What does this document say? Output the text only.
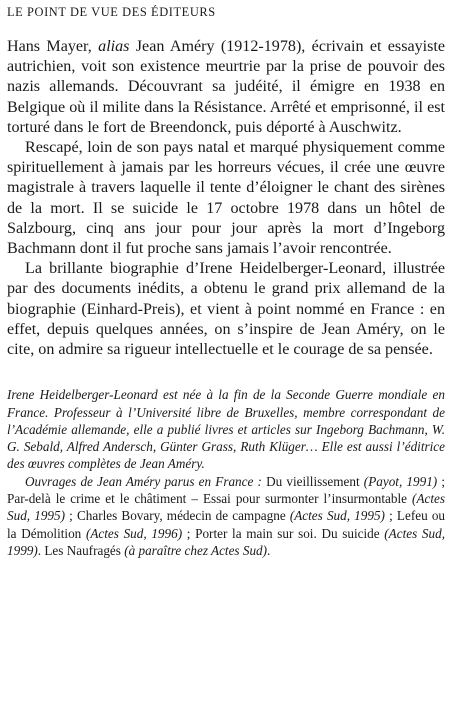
LE POINT DE VUE DES ÉDITEURS

Hans Mayer, alias Jean Améry (1912-1978), écrivain et essayiste autrichien, voit son existence meurtrie par la prise de pouvoir des nazis allemands. Découvrant sa judéité, il émigre en 1938 en Belgique où il milite dans la Résistance. Arrêté et emprisonné, il est torturé dans le fort de Breendonck, puis déporté à Auschwitz.

Rescapé, loin de son pays natal et marqué physiquement comme spirituellement à jamais par les horreurs vécues, il crée une œuvre magistrale à travers laquelle il tente d’éloigner le chant des sirènes de la mort. Il se suicide le 17 octobre 1978 dans un hôtel de Salzbourg, cinq ans jour pour jour après la mort d’Ingeborg Bachmann dont il fut proche sans jamais l’avoir rencontrée.

La brillante biographie d’Irene Heidelberger-Leonard, illustrée par des documents inédits, a obtenu le grand prix allemand de la biographie (Einhard-Preis), et vient à point nommé en France : en effet, depuis quelques années, on s’inspire de Jean Améry, on le cite, on admire sa rigueur intellectuelle et le courage de sa pensée.

Irene Heidelberger-Leonard est née à la fin de la Seconde Guerre mondiale en France. Professeur à l’Université libre de Bruxelles, membre correspondant de l’Académie allemande, elle a publié livres et articles sur Ingeborg Bachmann, W. G. Sebald, Alfred Andersch, Günter Grass, Ruth Klüger… Elle est aussi l’éditrice des œuvres complètes de Jean Améry.

Ouvrages de Jean Améry parus en France : Du vieillissement (Payot, 1991) ; Par-delà le crime et le châtiment – Essai pour surmonter l’insurmontable (Actes Sud, 1995) ; Charles Bovary, médecin de campagne (Actes Sud, 1995) ; Lefeu ou la Démolition (Actes Sud, 1996) ; Porter la main sur soi. Du suicide (Actes Sud, 1999). Les Naufragés (à paraître chez Actes Sud).
